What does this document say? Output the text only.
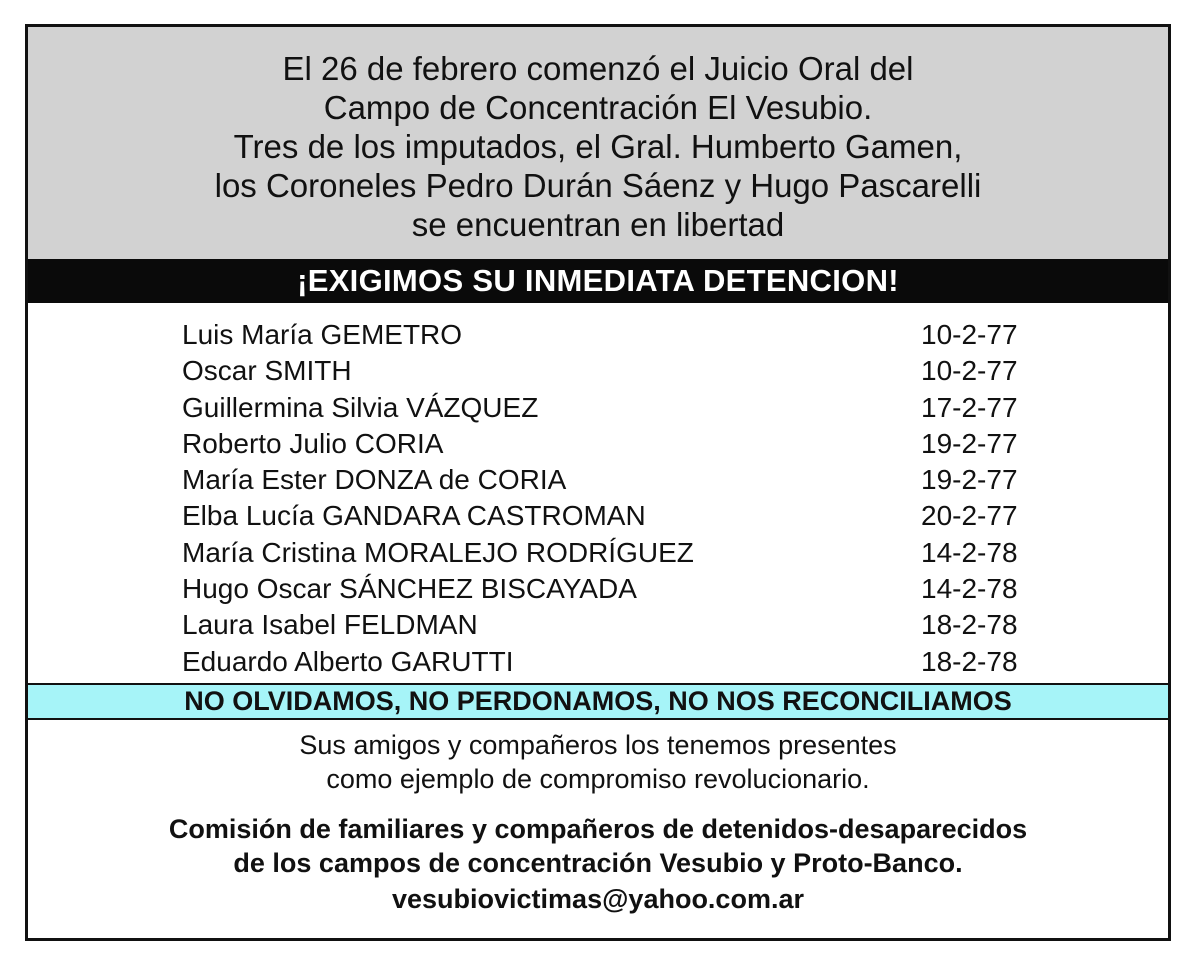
El 26 de febrero comenzó el Juicio Oral del
Campo de Concentración El Vesubio.
Tres de los imputados, el Gral. Humberto Gamen,
los Coroneles Pedro Durán Sáenz y Hugo Pascarelli
se encuentran en libertad
¡EXIGIMOS SU INMEDIATA DETENCION!
Luis María GEMETRO	10-2-77
Oscar SMITH	10-2-77
Guillermina Silvia VÁZQUEZ	17-2-77
Roberto Julio CORIA	19-2-77
María Ester DONZA de CORIA	19-2-77
Elba Lucía GANDARA CASTROMAN	20-2-77
María Cristina MORALEJO RODRÍGUEZ	14-2-78
Hugo Oscar SÁNCHEZ BISCAYADA	14-2-78
Laura Isabel FELDMAN	18-2-78
Eduardo Alberto GARUTTI	18-2-78
NO OLVIDAMOS, NO PERDONAMOS, NO NOS RECONCILIAMOS
Sus amigos y compañeros los tenemos presentes
como ejemplo de compromiso revolucionario.
Comisión de familiares y compañeros de detenidos-desaparecidos
de los campos de concentración Vesubio y Proto-Banco.
vesubiovictimas@yahoo.com.ar
